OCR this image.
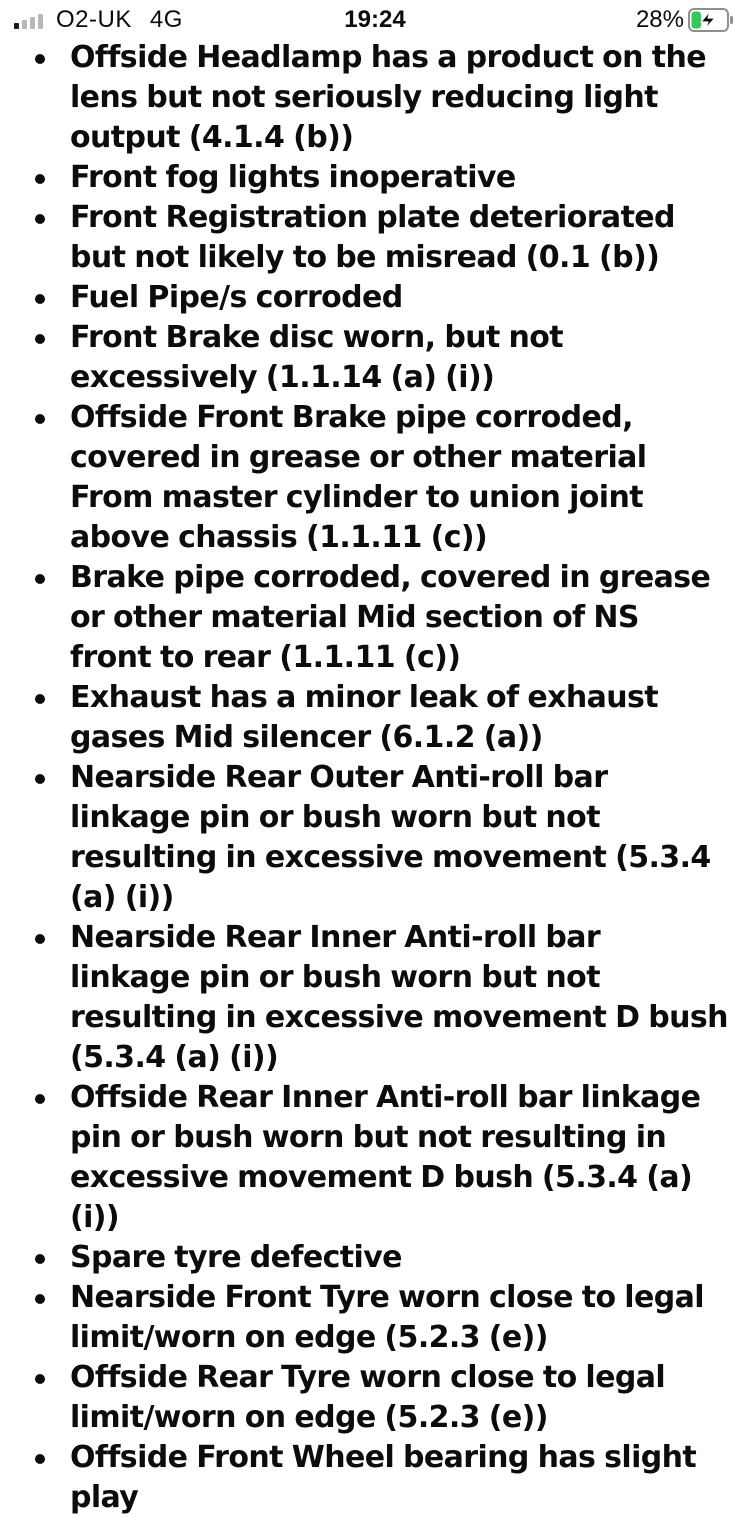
O2-UK 4G	19:24	28%
Offside Headlamp has a product on the lens but not seriously reducing light output (4.1.4 (b))
Front fog lights inoperative
Front Registration plate deteriorated but not likely to be misread (0.1 (b))
Fuel Pipe/s corroded
Front Brake disc worn, but not excessively (1.1.14 (a) (i))
Offside Front Brake pipe corroded, covered in grease or other material From master cylinder to union joint above chassis (1.1.11 (c))
Brake pipe corroded, covered in grease or other material Mid section of NS front to rear (1.1.11 (c))
Exhaust has a minor leak of exhaust gases Mid silencer (6.1.2 (a))
Nearside Rear Outer Anti-roll bar linkage pin or bush worn but not resulting in excessive movement (5.3.4 (a) (i))
Nearside Rear Inner Anti-roll bar linkage pin or bush worn but not resulting in excessive movement D bush (5.3.4 (a) (i))
Offside Rear Inner Anti-roll bar linkage pin or bush worn but not resulting in excessive movement D bush (5.3.4 (a) (i))
Spare tyre defective
Nearside Front Tyre worn close to legal limit/worn on edge (5.2.3 (e))
Offside Rear Tyre worn close to legal limit/worn on edge (5.2.3 (e))
Offside Front Wheel bearing has slight play
